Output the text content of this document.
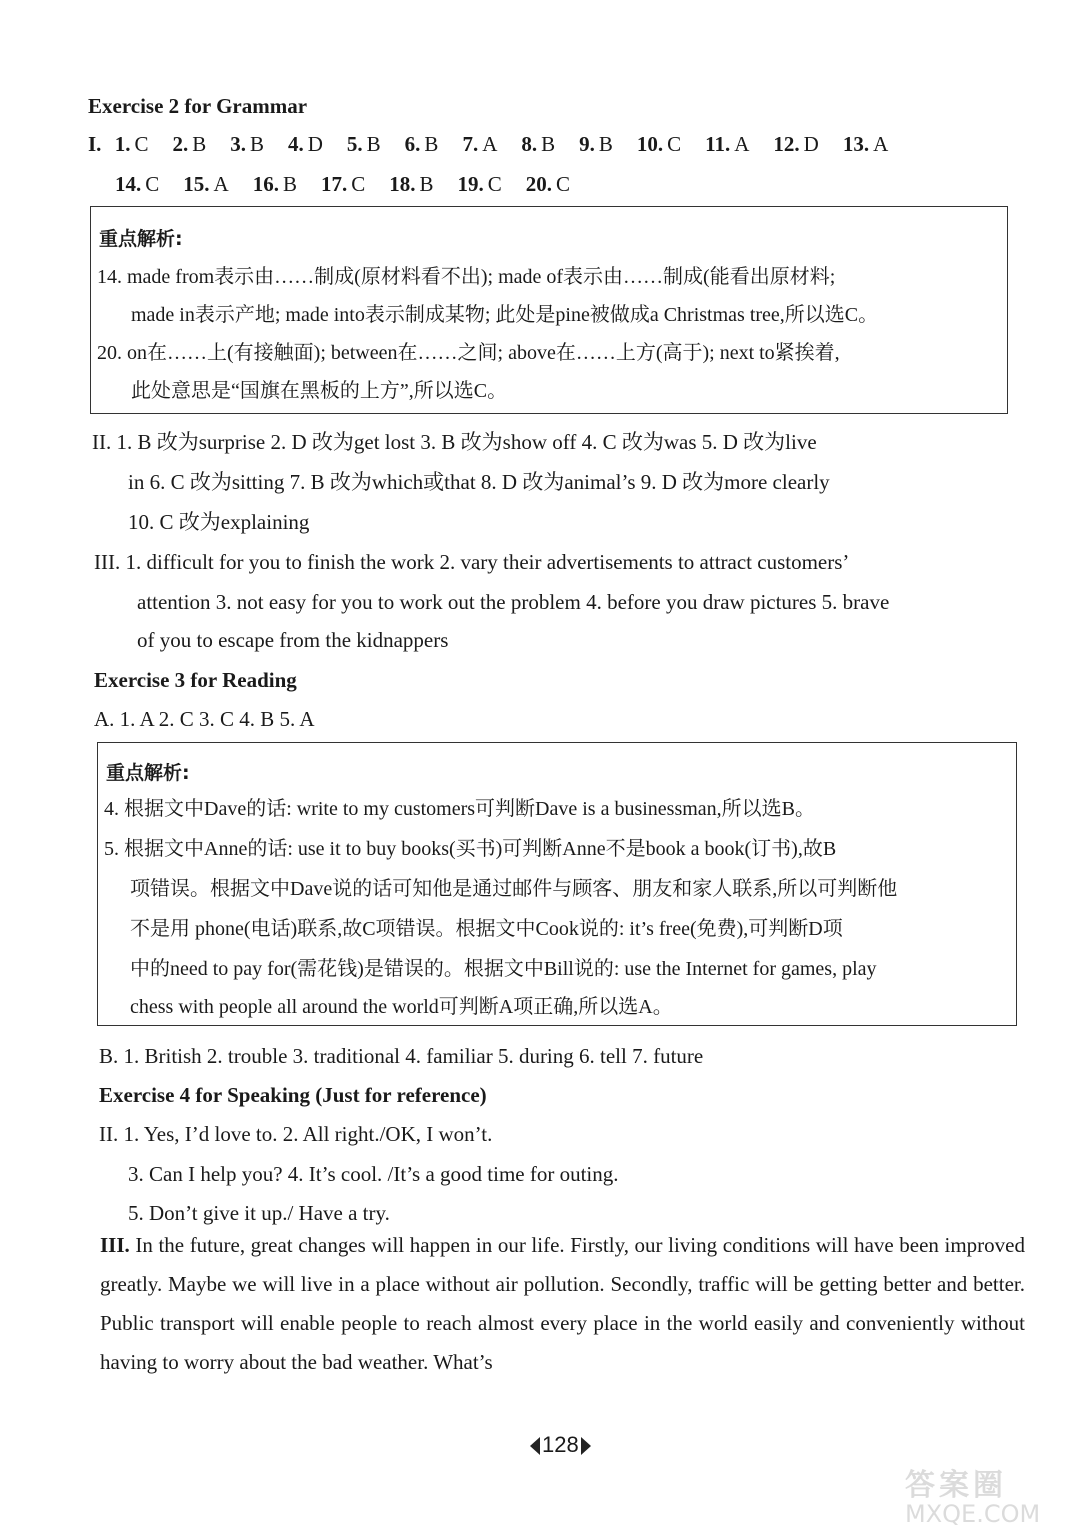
Exercise 2 for Grammar
I. 1. C 2. B 3. B 4. D 5. B 6. B 7. A 8. B 9. B 10. C 11. A 12. D 13. A
14. C 15. A 16. B 17. C 18. B 19. C 20. C
重点解析:
14. made from表示由……制成(原材料看不出); made of表示由……制成(能看出原材料;
made in表示产地; made into表示制成某物; 此处是pine被做成a Christmas tree,所以选C。
20. on在……上(有接触面); between在……之间; above在……上方(高于); next to紧挨着,
此处意思是“国旗在黑板的上方”,所以选C。
II. 1. B 改为surprise 2. D 改为get lost 3. B 改为show off 4. C 改为was 5. D 改为live
in 6. C 改为sitting 7. B 改为which或that 8. D 改为animal’s 9. D 改为more clearly
10. C 改为explaining
III. 1. difficult for you to finish the work 2. vary their advertisements to attract customers’
attention 3. not easy for you to work out the problem 4. before you draw pictures 5. brave
of you to escape from the kidnappers
Exercise 3 for Reading
A. 1. A 2. C 3. C 4. B 5. A
重点解析:
4. 根据文中Dave的话: write to my customers可判断Dave is a businessman,所以选B。
5. 根据文中Anne的话: use it to buy books(买书)可判断Anne不是book a book(订书),故B
项错误。根据文中Dave说的话可知他是通过邮件与顾客、朋友和家人联系,所以可判断他
不是用 phone(电话)联系,故C项错误。根据文中Cook说的: it’s free(免费),可判断D项
中的need to pay for(需花钱)是错误的。根据文中Bill说的: use the Internet for games, play
chess with people all around the world可判断A项正确,所以选A。
B. 1. British 2. trouble 3. traditional 4. familiar 5. during 6. tell 7. future
Exercise 4 for Speaking (Just for reference)
II. 1. Yes, I’d love to. 2. All right./OK, I won’t.
3. Can I help you? 4. It’s cool. /It’s a good time for outing.
5. Don’t give it up./ Have a try.
III. In the future, great changes will happen in our life. Firstly, our living conditions will have been improved greatly. Maybe we will live in a place without air pollution. Secondly, traffic will be getting better and better. Public transport will enable people to reach almost every place in the world easily and conveniently without having to worry about the bad weather. What’s
128
答案圈
MXQE.COM
